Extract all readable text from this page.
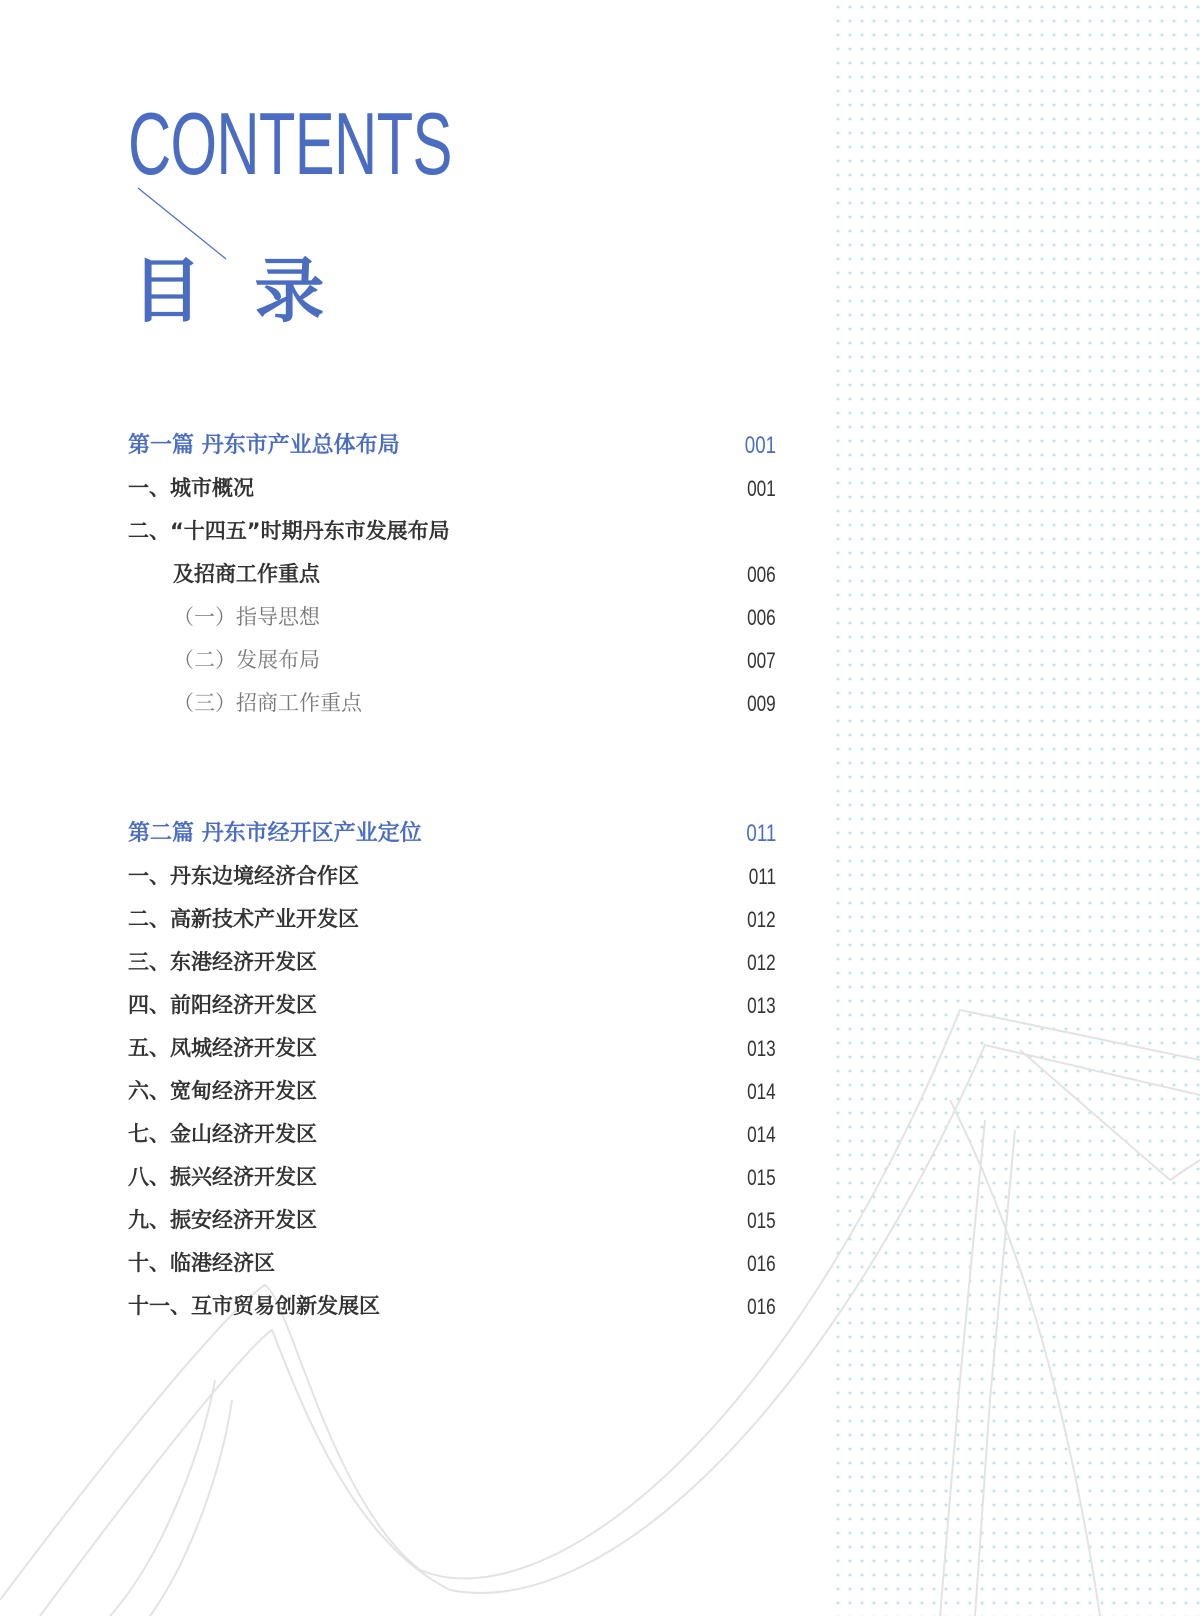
CONTENTS
目 录
第一篇 丹东市产业总体布局	001
一、城市概况	001
二、“十四五”时期丹东市发展布局
及招商工作重点	006
（一）指导思想	006
（二）发展布局	007
（三）招商工作重点	009
第二篇 丹东市经开区产业定位	011
一、丹东边境经济合作区	011
二、高新技术产业开发区	012
三、东港经济开发区	012
四、前阳经济开发区	013
五、凤城经济开发区	013
六、宽甸经济开发区	014
七、金山经济开发区	014
八、振兴经济开发区	015
九、振安经济开发区	015
十、临港经济区	016
十一、互市贸易创新发展区	016
